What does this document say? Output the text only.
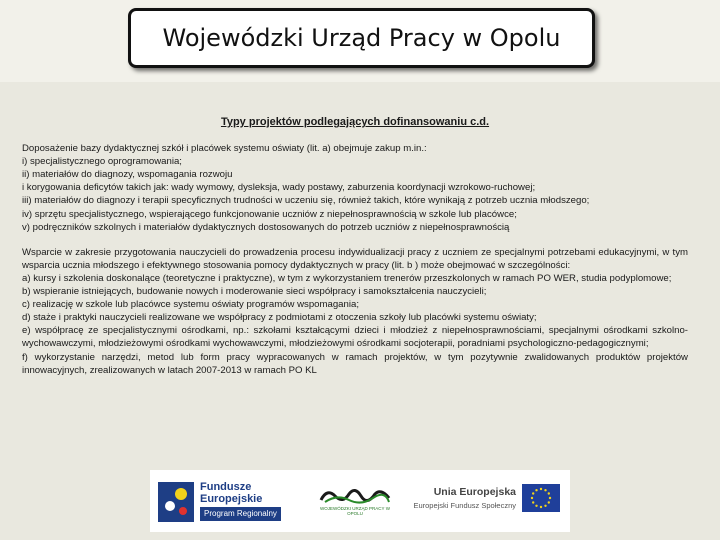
Wojewódzki Urząd Pracy w Opolu
Typy projektów podlegających dofinansowaniu c.d.

Doposażenie bazy dydaktycznej szkół i placówek systemu oświaty (lit. a) obejmuje zakup m.in.:

i) specjalistycznego oprogramowania;

ii) materiałów do diagnozy, wspomagania rozwoju

i korygowania deficytów takich jak: wady wymowy, dysleksja, wady postawy, zaburzenia koordynacji wzrokowo-ruchowej;

iii) materiałów do diagnozy i terapii specyficznych trudności w uczeniu się, również takich, które wynikają z potrzeb ucznia młodszego;

iv) sprzętu specjalistycznego, wspierającego funkcjonowanie uczniów z niepełnosprawnością w szkole lub placówce;

v) podręczników szkolnych i materiałów dydaktycznych dostosowanych do potrzeb uczniów z niepełnosprawnością

Wsparcie w zakresie przygotowania nauczycieli do prowadzenia procesu indywidualizacji pracy z uczniem ze specjalnymi potrzebami edukacyjnymi, w tym wsparcia ucznia młodszego i efektywnego stosowania pomocy dydaktycznych w pracy (lit. b ) może obejmować w szczególności:

a) kursy i szkolenia doskonalące (teoretyczne i praktyczne), w tym z wykorzystaniem trenerów przeszkolonych w ramach PO WER, studia podyplomowe;

b) wspieranie istniejących, budowanie nowych i moderowanie sieci współpracy i samokształcenia nauczycieli;

c) realizację w szkole lub placówce systemu oświaty programów wspomagania;

d) staże i praktyki nauczycieli realizowane we współpracy z podmiotami z otoczenia szkoły lub placówki systemu oświaty;

e) współpracę ze specjalistycznymi ośrodkami, np.: szkołami kształcącymi dzieci i młodzież z niepełnosprawnościami, specjalnymi ośrodkami szkolno-wychowawczymi, młodzieżowymi ośrodkami wychowawczymi, młodzieżowymi ośrodkami socjoterapii, poradniami psychologiczno-pedagogicznymi;

f) wykorzystanie narzędzi, metod lub form pracy wypracowanych w ramach projektów, w tym pozytywnie zwalidowanych produktów projektów innowacyjnych, zrealizowanych w latach 2007-2013 w ramach PO KL

Fundusze
Europejskie
Program Regionalny
WOJEWÓDZKI URZĄD PRACY W OPOLU
Unia Europejska
Europejski Fundusz Społeczny
